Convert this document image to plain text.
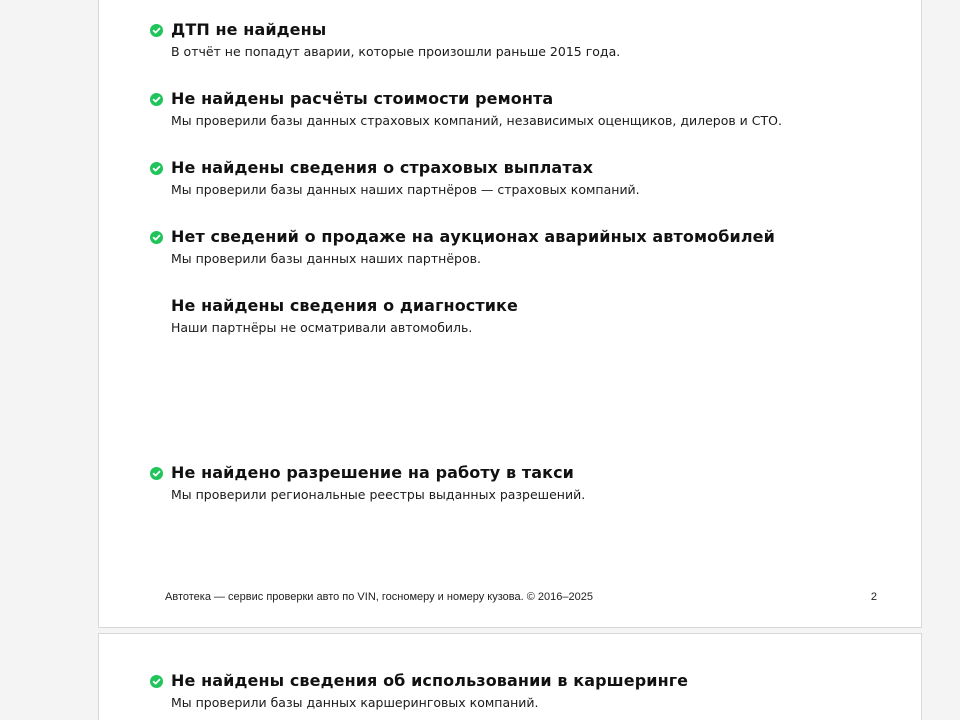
ДТП не найдены
В отчёт не попадут аварии, которые произошли раньше 2015 года.
Не найдены расчёты стоимости ремонта
Мы проверили базы данных страховых компаний, независимых оценщиков, дилеров и СТО.
Не найдены сведения о страховых выплатах
Мы проверили базы данных наших партнёров — страховых компаний.
Нет сведений о продаже на аукционах аварийных автомобилей
Мы проверили базы данных наших партнёров.
Не найдены сведения о диагностике
Наши партнёры не осматривали автомобиль.
Не найдено разрешение на работу в такси
Мы проверили региональные реестры выданных разрешений.
Автотека — сервис проверки авто по VIN, госномеру и номеру кузова. © 2016–2025	2
Не найдены сведения об использовании в каршеринге
Мы проверили базы данных каршеринговых компаний.
